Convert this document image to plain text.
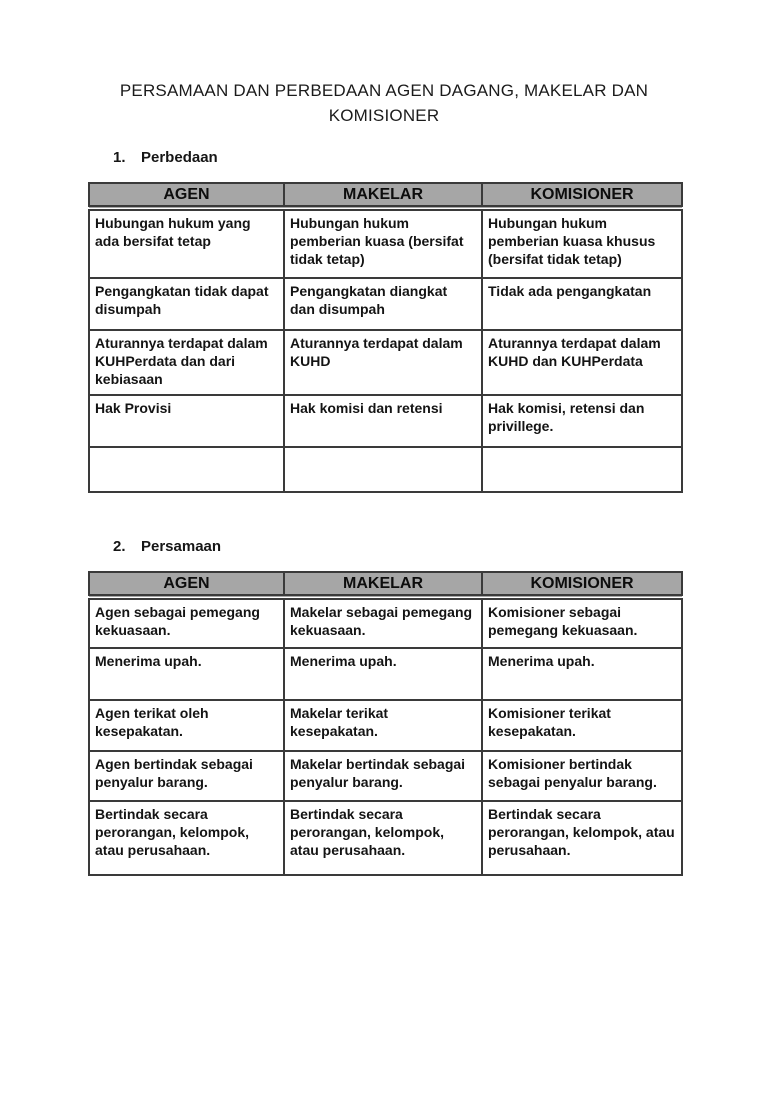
PERSAMAAN DAN PERBEDAAN AGEN DAGANG, MAKELAR DAN
KOMISIONER
1. Perbedaan
AGEN	MAKELAR	KOMISIONER
Hubungan hukum yang ada bersifat tetap	Hubungan hukum pemberian kuasa (bersifat tidak tetap)	Hubungan hukum pemberian kuasa khusus (bersifat tidak tetap)
Pengangkatan tidak dapat disumpah	Pengangkatan diangkat dan disumpah	Tidak ada pengangkatan
Aturannya terdapat dalam KUHPerdata dan dari kebiasaan	Aturannya terdapat dalam KUHD	Aturannya terdapat dalam KUHD dan KUHPerdata
Hak Provisi	Hak komisi dan retensi	Hak komisi, retensi dan privillege.

2. Persamaan
AGEN	MAKELAR	KOMISIONER
Agen sebagai pemegang kekuasaan.	Makelar sebagai pemegang kekuasaan.	Komisioner sebagai pemegang kekuasaan.
Menerima upah.	Menerima upah.	Menerima upah.
Agen terikat oleh kesepakatan.	Makelar terikat kesepakatan.	Komisioner terikat kesepakatan.
Agen bertindak sebagai penyalur barang.	Makelar bertindak sebagai penyalur barang.	Komisioner bertindak sebagai penyalur barang.
Bertindak secara perorangan, kelompok, atau perusahaan.	Bertindak secara perorangan, kelompok, atau perusahaan.	Bertindak secara perorangan, kelompok, atau perusahaan.
